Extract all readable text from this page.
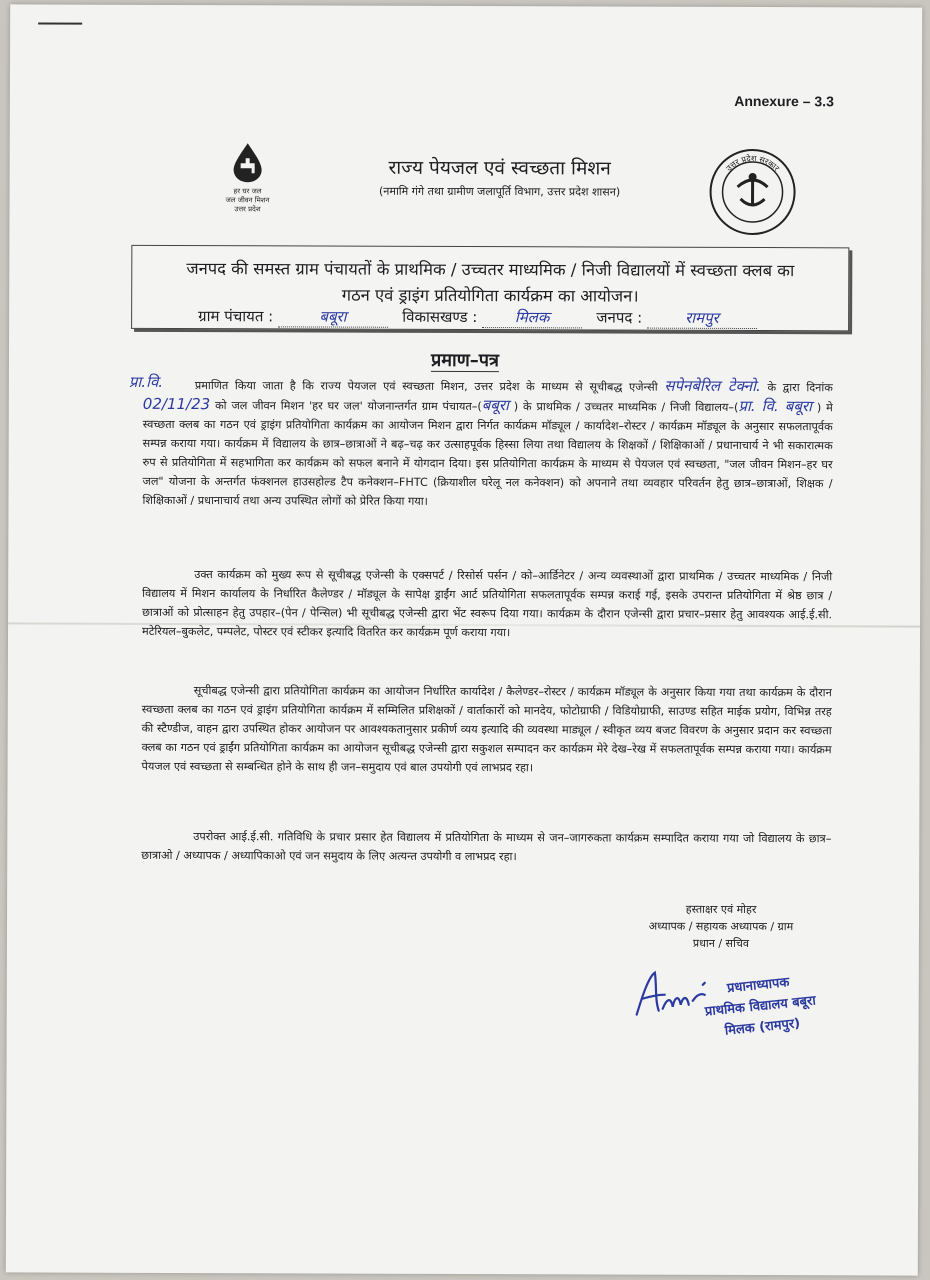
Annexure – 3.3
हर घर जल
जल जीवन मिशन
उत्तर प्रदेश
राज्य पेयजल एवं स्वच्छता मिशन
(नमामि गंगे तथा ग्रामीण जलापूर्ति विभाग, उत्तर प्रदेश शासन)
उत्तर प्रदेश सरकार
जनपद की समस्त ग्राम पंचायतों के प्राथमिक / उच्चतर माध्यमिक / निजी विद्यालयों में स्वच्छता क्लब का
गठन एवं ड्राइंग प्रतियोगिता कार्यक्रम का आयोजन।
ग्राम पंचायत :	बबूरा	विकासखण्ड : मिलक	जनपद :	रामपुर
प्रमाण–पत्र
प्रा.वि.	प्रमाणित किया जाता है कि राज्य पेयजल एवं स्वच्छता मिशन, उत्तर प्रदेश के माध्यम से सूचीबद्ध एजेन्सी सपेनबेरिल टेक्नो. के द्वारा दिनांक 02/11/23 को जल जीवन मिशन 'हर घर जल' योजनान्तर्गत ग्राम पंचायत–(बबूरा ) के प्राथमिक / उच्चतर माध्यमिक / निजी विद्यालय–(प्रा. वि. बबूरा ) मे स्वच्छता क्लब का गठन एवं ड्राइंग प्रतियोगिता कार्यक्रम का आयोजन मिशन द्वारा निर्गत कार्यक्रम मॉड्यूल / कार्यादेश–रोस्टर / कार्यक्रम मॉड्यूल के अनुसार सफलतापूर्वक सम्पन्न कराया गया। कार्यक्रम में विद्यालय के छात्र–छात्राओं ने बढ़–चढ़ कर उत्साहपूर्वक हिस्सा लिया तथा विद्यालय के शिक्षकों / शिक्षिकाओं / प्रधानाचार्य ने भी सकारात्मक रुप से प्रतियोगिता में सहभागिता कर कार्यक्रम को सफल बनाने में योगदान दिया। इस प्रतियोगिता कार्यक्रम के माध्यम से पेयजल एवं स्वच्छता, "जल जीवन मिशन–हर घर जल" योजना के अन्तर्गत फंक्शनल हाउसहोल्ड टैप कनेक्शन–FHTC (क्रियाशील घरेलू नल कनेक्शन) को अपनाने तथा व्यवहार परिवर्तन हेतु छात्र–छात्राओं, शिक्षक / शिक्षिकाओं / प्रधानाचार्य तथा अन्य उपस्थित लोगों को प्रेरित किया गया।
उक्त कार्यक्रम को मुख्य रूप से सूचीबद्ध एजेन्सी के एक्सपर्ट / रिसोर्स पर्सन / को–आर्डिनेटर / अन्य व्यवस्थाओं द्वारा प्राथमिक / उच्चतर माध्यमिक / निजी विद्यालय में मिशन कार्यालय के निर्धारित कैलेण्डर / मॉड्यूल के सापेक्ष ड्राईंग आर्ट प्रतियोगिता सफलतापूर्वक सम्पन्न कराई गई, इसके उपरान्त प्रतियोगिता में श्रेष्ठ छात्र / छात्राओं को प्रोत्साहन हेतु उपहार–(पेन / पेन्सिल) भी सूचीबद्ध एजेन्सी द्वारा भेंट स्वरूप दिया गया। कार्यक्रम के दौरान एजेन्सी द्वारा प्रचार–प्रसार हेतु आवश्यक आई.ई.सी. मटेरियल–बुकलेट, पम्पलेट, पोस्टर एवं स्टीकर इत्यादि वितरित कर कार्यक्रम पूर्ण कराया गया।
सूचीबद्ध एजेन्सी द्वारा प्रतियोगिता कार्यक्रम का आयोजन निर्धारित कार्यादेश / कैलेण्डर–रोस्टर / कार्यक्रम मॉड्यूल के अनुसार किया गया तथा कार्यक्रम के दौरान स्वच्छता क्लब का गठन एवं ड्राइंग प्रतियोगिता कार्यक्रम में सम्मिलित प्रशिक्षकों / वार्ताकारों को मानदेय, फोटोग्राफी / विडियोग्राफी, साउण्ड सहित माईक प्रयोग, विभिन्न तरह की स्टैण्डीज, वाहन द्वारा उपस्थित होकर आयोजन पर आवश्यकतानुसार प्रकीर्ण व्यय इत्यादि की व्यवस्था माड्यूल / स्वीकृत व्यय बजट विवरण के अनुसार प्रदान कर स्वच्छता क्लब का गठन एवं ड्राईंग प्रतियोगिता कार्यक्रम का आयोजन सूचीबद्ध एजेन्सी द्वारा सकुशल सम्पादन कर कार्यक्रम मेरे देख–रेख में सफलतापूर्वक सम्पन्न कराया गया। कार्यक्रम पेयजल एवं स्वच्छता से सम्बन्धित होने के साथ ही जन–समुदाय एवं बाल उपयोगी एवं लाभप्रद रहा।
उपरोक्त आई.ई.सी. गतिविधि के प्रचार प्रसार हेत विद्यालय में प्रतियोगिता के माध्यम से जन–जागरुकता कार्यक्रम सम्पादित कराया गया जो विद्यालय के छात्र–छात्राओ / अध्यापक / अध्यापिकाओ एवं जन समुदाय के लिए अत्यन्त उपयोगी व लाभप्रद रहा।
हस्ताक्षर एवं मोहर
अध्यापक / सहायक अध्यापक / ग्राम
प्रधान / सचिव
प्रधानाध्यापक
प्राथमिक विद्यालय बबूरा
मिलक (रामपुर)
